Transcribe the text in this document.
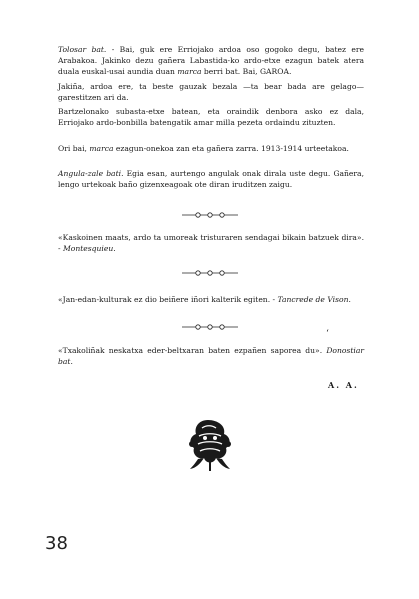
Tolosar bat. - Bai, guk ere Erriojako ardoa oso gogoko degu, batez ere Arabakoa. Jakinko dezu gañera Labastida-ko ardo-etxe ezagun batek atera duala euskal-usai aundia duan marca berri bat. Bai, GAROA.

Jakiña, ardoa ere, ta beste gauzak bezala —ta bear bada are gelago— garestitzen ari da.

Bartzelonako subasta-etxe batean, eta oraindik denbora asko ez dala, Erriojako ardo-bonbilla batengatik amar milla pezeta ordaindu zituzten.

Ori bai, marca ezagun-onekoa zan eta gañera zarra. 1913-1914 urteetakoa.

Angula-zale bati. Egia esan, aurtengo angulak onak dirala uste degu. Gañera, lengo urtekoak baño gizenxeagoak ote diran iruditzen zaigu.

«Kaskoinen maats, ardo ta umoreak tristuraren sendagai bikain batzuek dira». - Montesquieu.

«Jan-edan-kulturak ez dio beiñere iñori kalterik egiten. - Tancrede de Vison.

ʻ

«Txakoliñak neskatxa eder-beltxaran baten ezpañen saporea du». Donostiar bat.

A. A.
38
